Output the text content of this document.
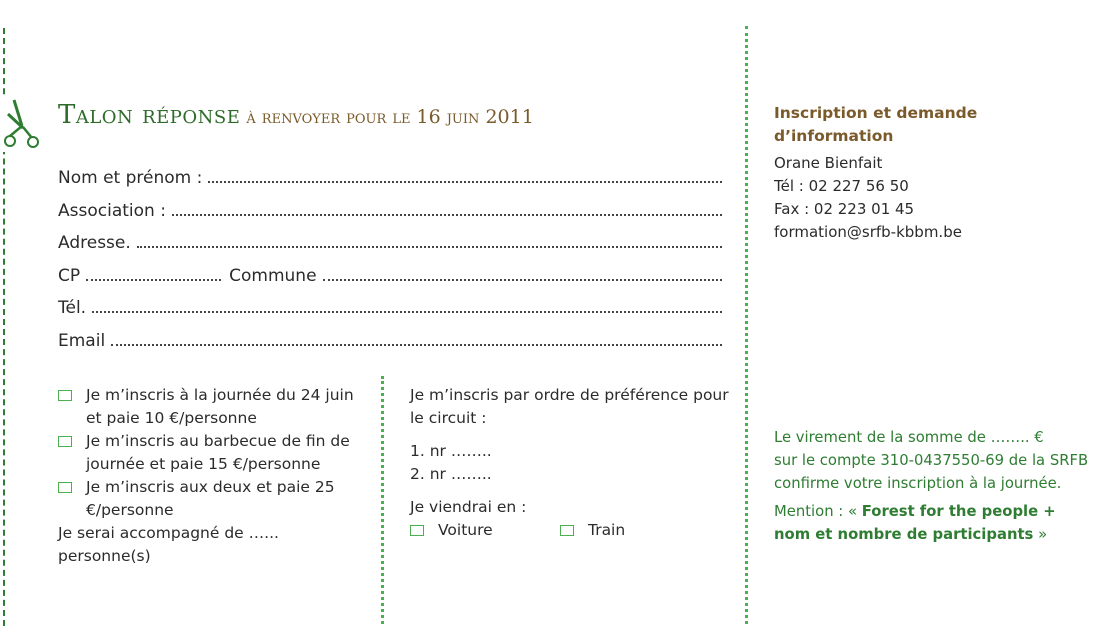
Talon réponse à renvoyer pour le 16 juin 2011
Nom et prénom :
Association :
Adresse.
CP	Commune
Tél.
Email
Je m’inscris à la journée du 24 juin et paie 10 €/personne
Je m’inscris au barbecue de fin de journée et paie 15 €/personne
Je m’inscris aux deux et paie 25 €/personne
Je serai accompagné de …... personne(s)
Je m’inscris par ordre de préférence pour le circuit :
1. nr ……..
2. nr ……..
Je viendrai en :
Voiture	Train
Inscription et demande d’information
Orane Bienfait
Tél : 02 227 56 50
Fax : 02 223 01 45
formation@srfb-kbbm.be
Le virement de la somme de …….. €
sur le compte 310-0437550-69 de la SRFB
confirme votre inscription à la journée.
Mention : « Forest for the people + nom et nombre de participants »
